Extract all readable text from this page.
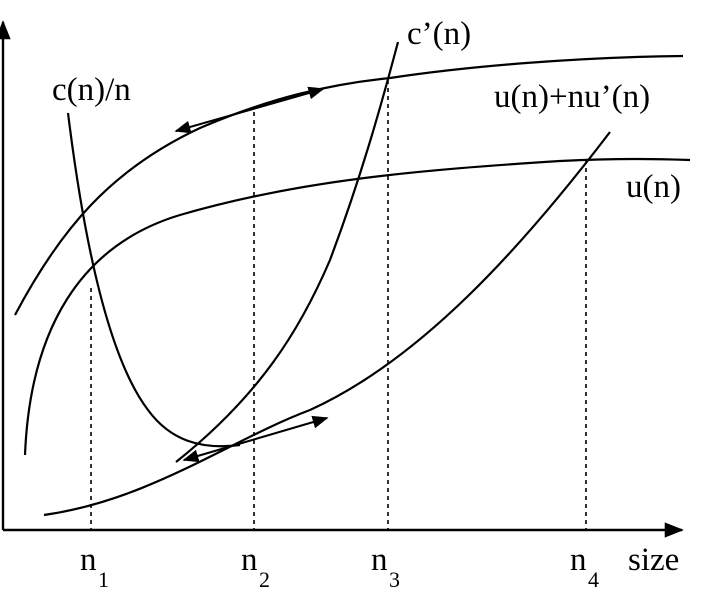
c(n)/n
c’(n)
u(n)+nu’(n)
u(n)
n
1
n
2
n
3
n
4
size
